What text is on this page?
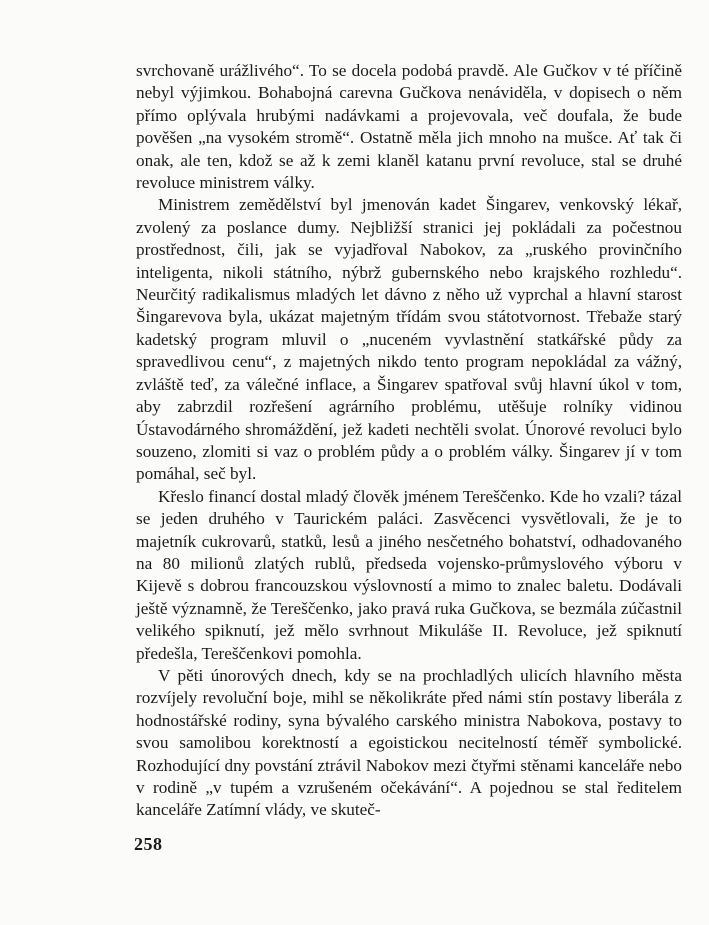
svrchovaně urážlivého“. To se docela podobá pravdě. Ale Gučkov v té příčině nebyl výjimkou. Bohabojná carevna Gučkova nenáviděla, v dopisech o něm přímo oplývala hrubými nadávkami a projevovala, več doufala, že bude pověšen „na vysokém stromě“. Ostatně měla jich mnoho na mušce. Ať tak či onak, ale ten, kdož se až k zemi klaněl katanu první revoluce, stal se druhé revoluce ministrem války.

Ministrem zemědělství byl jmenován kadet Šingarev, venkovský lékař, zvolený za poslance dumy. Nejbližší stranici jej pokládali za počestnou prostřednost, čili, jak se vyjadřoval Nabokov, za „ruského provinčního inteligenta, nikoli státního, nýbrž gubernského nebo krajského rozhledu“. Neurčitý radikalismus mladých let dávno z něho už vyprchal a hlavní starost Šingarevova byla, ukázat majetným třídám svou státotvornost. Třebaže starý kadetský program mluvil o „nuceném vyvlastnění statkářské půdy za spravedlivou cenu“, z majetných nikdo tento program nepokládal za vážný, zvláště teď, za válečné inflace, a Šingarev spatřoval svůj hlavní úkol v tom, aby zabrzdil rozřešení agrárního problému, utěšuje rolníky vidinou Ústavodárného shromáždění, jež kadeti nechtěli svolat. Únorové revoluci bylo souzeno, zlomiti si vaz o problém půdy a o problém války. Šingarev jí v tom pomáhal, seč byl.

Křeslo financí dostal mladý člověk jménem Tereščenko. Kde ho vzali? tázal se jeden druhého v Taurickém paláci. Zasvěcenci vysvětlovali, že je to majetník cukrovarů, statků, lesů a jiného nesčetného bohatství, odhadovaného na 80 milionů zlatých rublů, předseda vojensko-průmyslového výboru v Kijevě s dobrou francouzskou výslovností a mimo to znalec baletu. Dodávali ještě významně, že Tereščenko, jako pravá ruka Gučkova, se bezmála zúčastnil velikého spiknutí, jež mělo svrhnout Mikuláše II. Revoluce, jež spiknutí předešla, Tereščenkovi pomohla.

V pěti únorových dnech, kdy se na prochladlých ulicích hlavního města rozvíjely revoluční boje, mihl se několikráte před námi stín postavy liberála z hodnostářské rodiny, syna bývalého carského ministra Nabokova, postavy to svou samolibou korektností a egoistickou necitelností téměř symbolické. Rozhodující dny povstání ztrávil Nabokov mezi čtyřmi stěnami kanceláře nebo v rodině „v tupém a vzrušeném očekávání“. A pojednou se stal ředitelem kanceláře Zatímní vlády, ve skuteč-

258
